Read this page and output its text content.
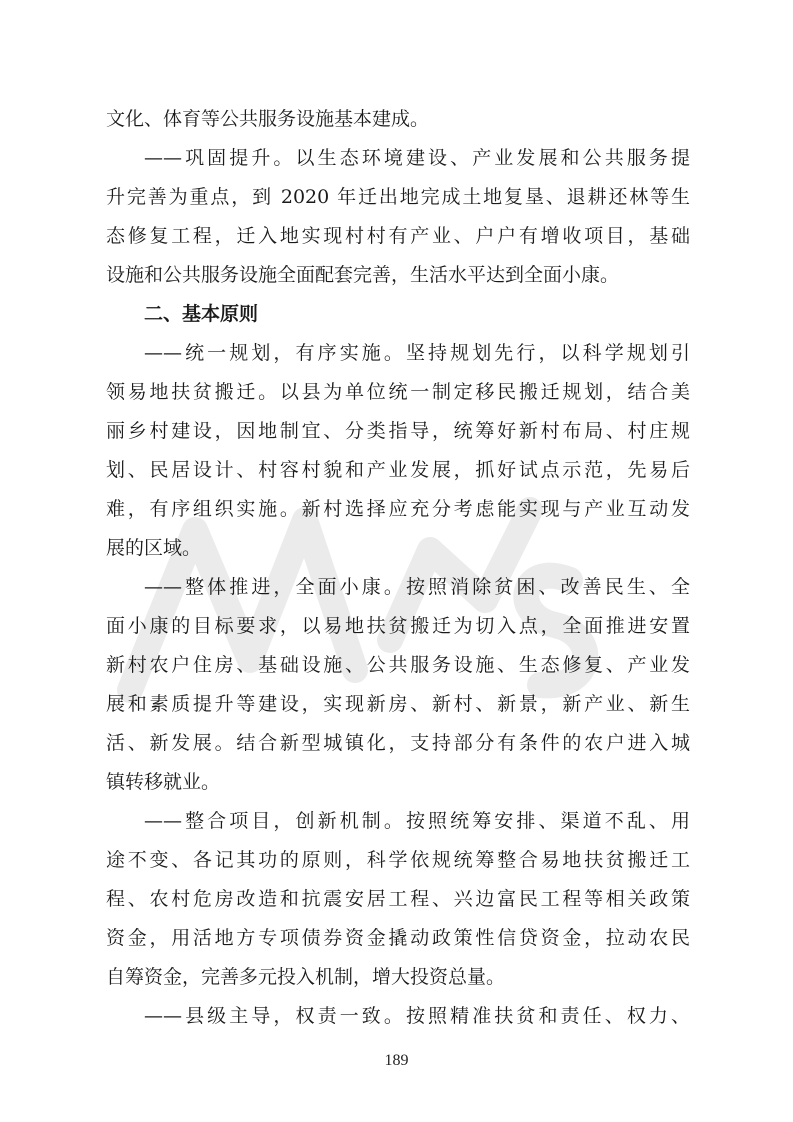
文化、体育等公共服务设施基本建成。
——巩固提升。以生态环境建设、产业发展和公共服务提
升完善为重点，到 2020 年迁出地完成土地复垦、退耕还林等生
态修复工程，迁入地实现村村有产业、户户有增收项目，基础
设施和公共服务设施全面配套完善，生活水平达到全面小康。
二、基本原则
——统一规划，有序实施。坚持规划先行，以科学规划引
领易地扶贫搬迁。以县为单位统一制定移民搬迁规划，结合美
丽乡村建设，因地制宜、分类指导，统筹好新村布局、村庄规
划、民居设计、村容村貌和产业发展，抓好试点示范，先易后
难，有序组织实施。新村选择应充分考虑能实现与产业互动发
展的区域。
——整体推进，全面小康。按照消除贫困、改善民生、全
面小康的目标要求，以易地扶贫搬迁为切入点，全面推进安置
新村农户住房、基础设施、公共服务设施、生态修复、产业发
展和素质提升等建设，实现新房、新村、新景，新产业、新生
活、新发展。结合新型城镇化，支持部分有条件的农户进入城
镇转移就业。
——整合项目，创新机制。按照统筹安排、渠道不乱、用
途不变、各记其功的原则，科学依规统筹整合易地扶贫搬迁工
程、农村危房改造和抗震安居工程、兴边富民工程等相关政策
资金，用活地方专项债券资金撬动政策性信贷资金，拉动农民
自筹资金，完善多元投入机制，增大投资总量。
——县级主导，权责一致。按照精准扶贫和责任、权力、
189
